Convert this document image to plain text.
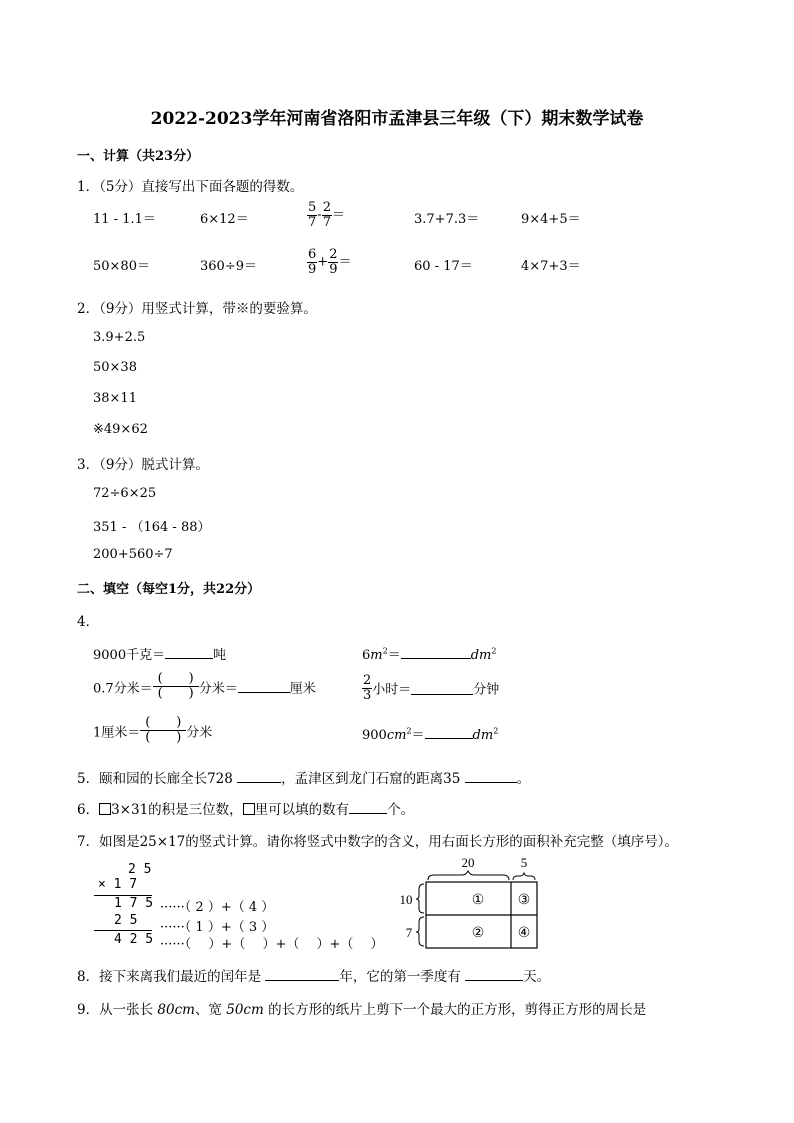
2022-2023学年河南省洛阳市孟津县三年级（下）期末数学试卷
一、计算（共23分）
1．（5分）直接写出下面各题的得数。
11 - 1.1＝	6×12＝	$\frac{5}{7} - \frac{2}{7}$ ＝	3.7+7.3＝	9×4+5＝
50×80＝	360÷9＝	$\frac{6}{9} + \frac{2}{9}$ ＝	60 - 17＝	4×7+3＝
2．（9分）用竖式计算，带※的要验算。
3.9+2.5
50×38
38×11
※49×62
3．（9分）脱式计算。
72÷6×25
351 - （164 - 88）
200+560÷7
二、填空（每空1分，共22分）
4．
9000千克＝	吨	$6m^2=$	$dm^2$
0.7分米＝ $\frac{( )}{( )}$ 分米＝	厘米	$\frac{2}{3}$ 小时＝	分钟
1厘米＝ $\frac{( )}{( )}$ 分米	$900cm^2=$	$dm^2$
5．颐和园的长廊全长728	，孟津区到龙门石窟的距离35	。
6． 3×31的积是三位数， 里可以填的数有	个。
7．如图是25×17的竖式计算。请你将竖式中数字的含义，用右面长方形的面积补充完整（填序号）。
2 5
× 1 7
1 7 5 ······（ 2 ）+（ 4 ）
2 5 ······（ 1 ）+（ 3 ）
4 2 5 ······（　 ）+（　 ）+（　 ）+（　 ）
20	5
10
7
① ③
② ④
8．接下来离我们最近的闰年是	年，它的第一季度有	天。
9．从一张长 80cm、宽 50cm 的长方形的纸片上剪下一个最大的正方形，剪得正方形的周长是
